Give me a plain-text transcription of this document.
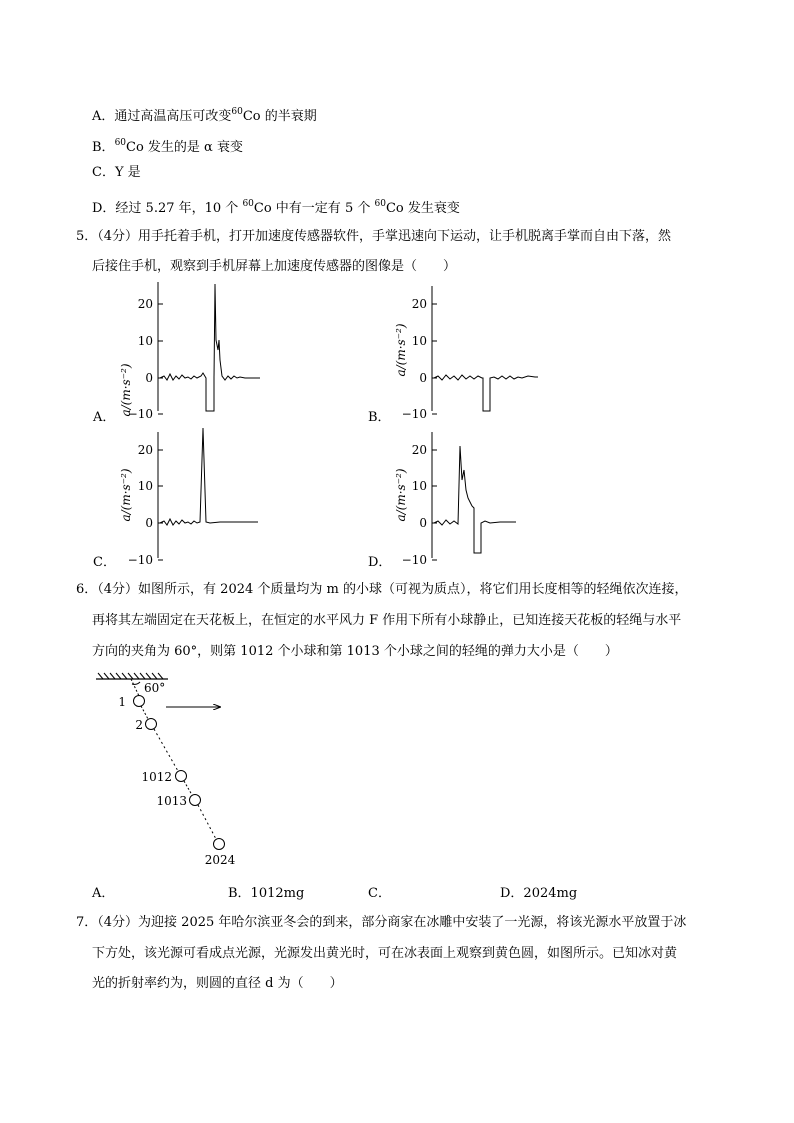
A．通过高温高压可改变$^{60}$Co 的半衰期
B．$^{60}$Co 发生的是 α 衰变
C．Y 是
D．经过 5.27 年，10 个 $^{60}$Co 中有一定有 5 个 $^{60}$Co 发生衰变
5．（4分）用手托着手机，打开加速度传感器软件，手掌迅速向下运动，让手机脱离手掌而自由下落，然
后接住手机，观察到手机屏幕上加速度传感器的图像是（　　）
a/(m·s⁻²)
20
10
0
−10
A．
a/(m·s⁻²)
20
10
0
−10
B．
a/(m·s⁻²)
20
10
0
−10
C．
a/(m·s⁻²)
20
10
0
−10
D．
6．（4分）如图所示，有 2024 个质量均为 m 的小球（可视为质点），将它们用长度相等的轻绳依次连接，
再将其左端固定在天花板上，在恒定的水平风力 F 作用下所有小球静止，已知连接天花板的轻绳与水平
方向的夹角为 60°，则第 1012 个小球和第 1013 个小球之间的轻绳的弹力大小是（　　）
60°
1
2
1012
1013
2024
A．	B．1012mg	C．	D．2024mg
7．（4分）为迎接 2025 年哈尔滨亚冬会的到来，部分商家在冰雕中安装了一光源，将该光源水平放置于冰
下方处，该光源可看成点光源，光源发出黄光时，可在冰表面上观察到黄色圆，如图所示。已知冰对黄
光的折射率约为，则圆的直径 d 为（　　）
